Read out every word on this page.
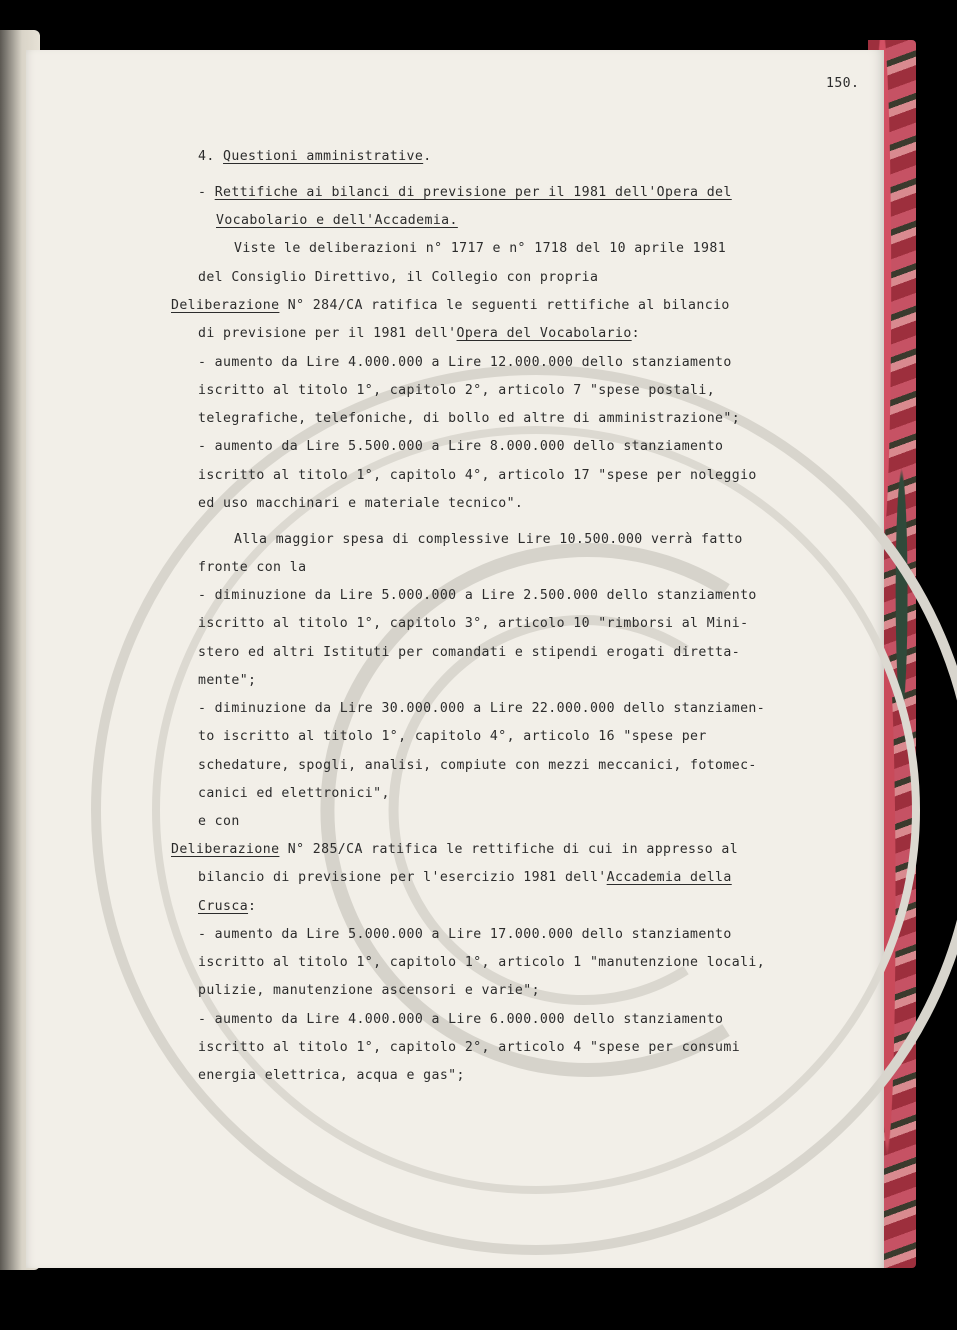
150.

4. Questioni amministrative.

- Rettifiche ai bilanci di previsione per il 1981 dell'Opera del

Vocabolario e dell'Accademia.

Viste le deliberazioni n° 1717 e n° 1718 del 10 aprile 1981

del Consiglio Direttivo, il Collegio con propria

Deliberazione N° 284/CA ratifica le seguenti rettifiche al bilancio

di previsione per il 1981 dell'Opera del Vocabolario:

- aumento da Lire 4.000.000 a Lire 12.000.000 dello stanziamento

iscritto al titolo 1°, capitolo 2°, articolo 7 "spese postali,

telegrafiche, telefoniche, di bollo ed altre di amministrazione";

- aumento da Lire 5.500.000 a Lire 8.000.000 dello stanziamento

iscritto al titolo 1°, capitolo 4°, articolo 17 "spese per noleggio

ed uso macchinari e materiale tecnico".

Alla maggior spesa di complessive Lire 10.500.000 verrà fatto

fronte con la

- diminuzione da Lire 5.000.000 a Lire 2.500.000 dello stanziamento

iscritto al titolo 1°, capitolo 3°, articolo 10 "rimborsi al Mini-

stero ed altri Istituti per comandati e stipendi erogati diretta-

mente";

- diminuzione da Lire 30.000.000 a Lire 22.000.000 dello stanziamen-

to iscritto al titolo 1°, capitolo 4°, articolo 16 "spese per

schedature, spogli, analisi, compiute con mezzi meccanici, fotomec-

canici ed elettronici",

e con

Deliberazione N° 285/CA ratifica le rettifiche di cui in appresso al

bilancio di previsione per l'esercizio 1981 dell'Accademia della

Crusca:

- aumento da Lire 5.000.000 a Lire 17.000.000 dello stanziamento

iscritto al titolo 1°, capitolo 1°, articolo 1 "manutenzione locali,

pulizie, manutenzione ascensori e varie";

- aumento da Lire 4.000.000 a Lire 6.000.000 dello stanziamento

iscritto al titolo 1°, capitolo 2°, articolo 4 "spese per consumi

energia elettrica, acqua e gas";
